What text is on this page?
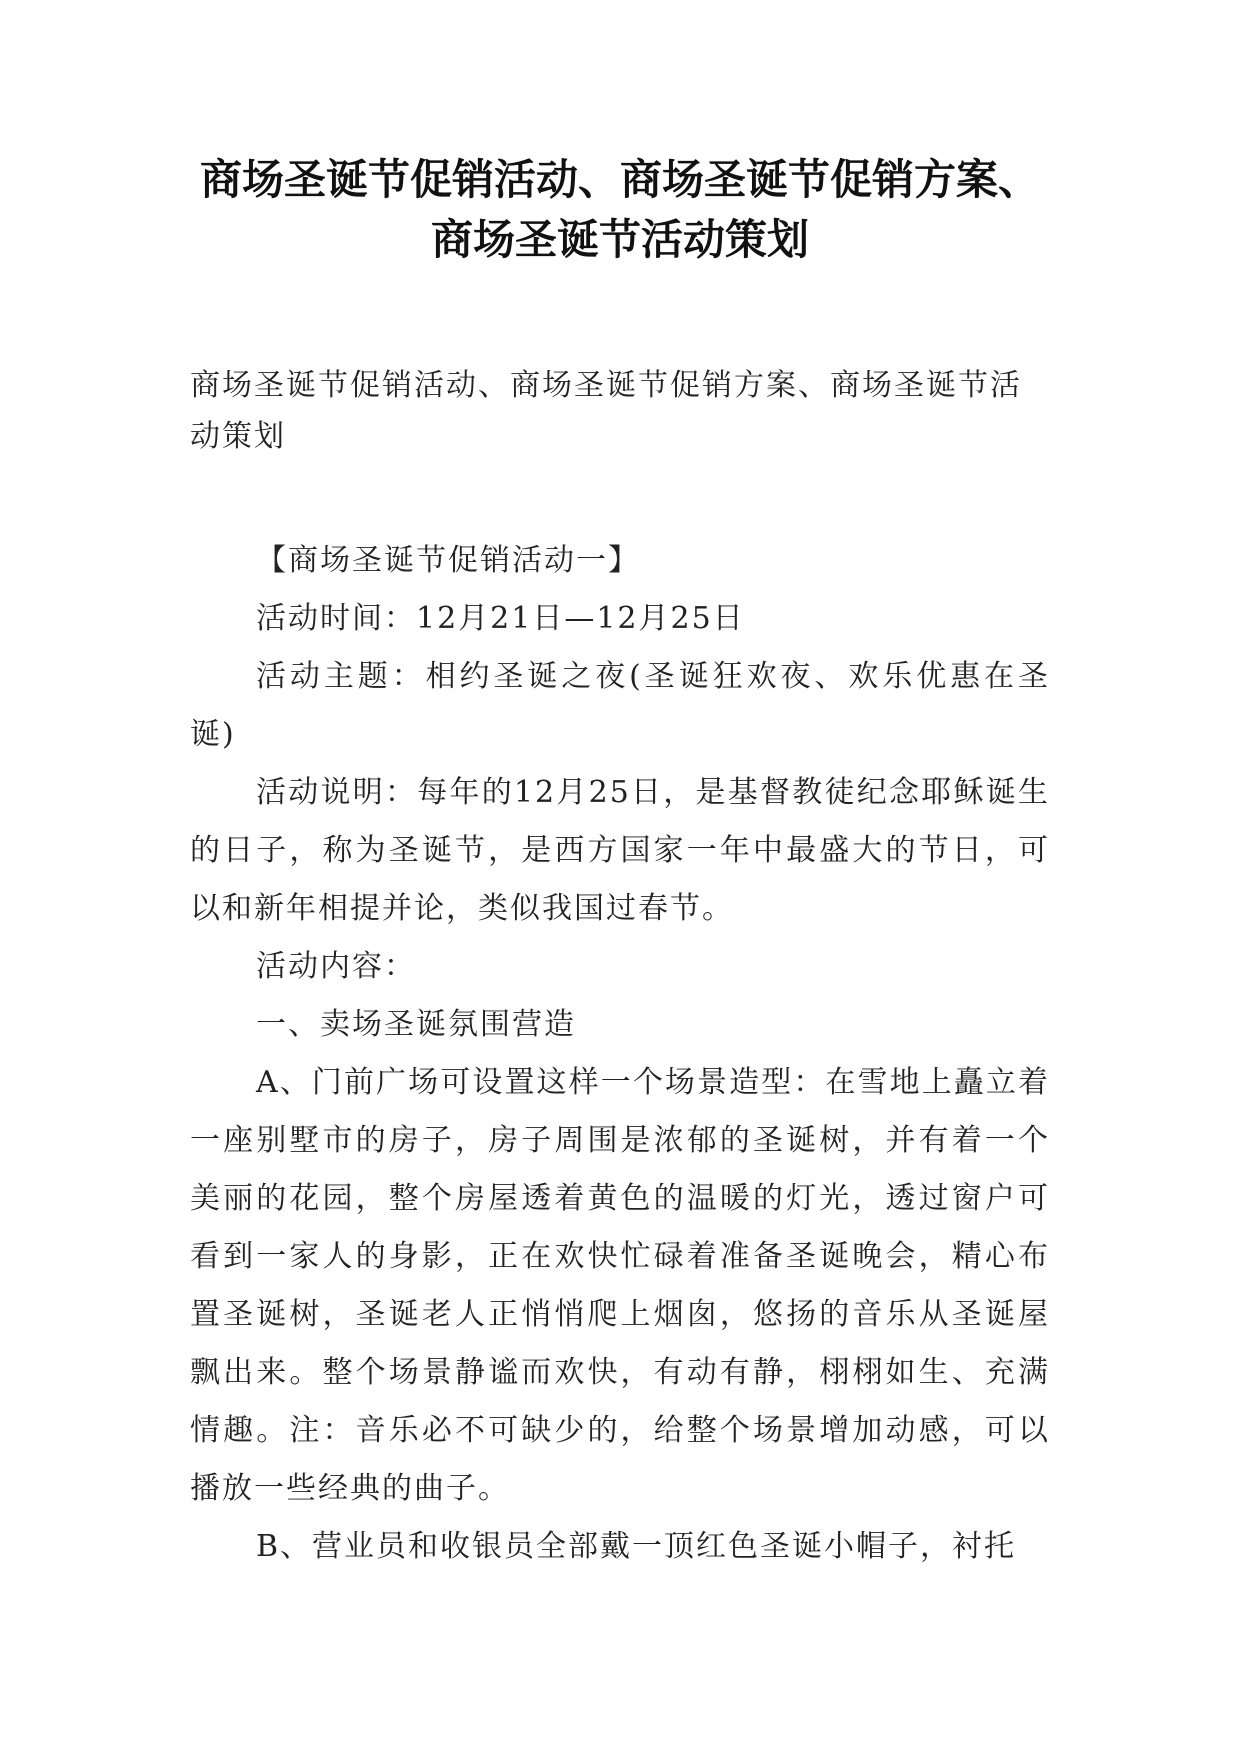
商场圣诞节促销活动、商场圣诞节促销方案、
商场圣诞节活动策划
商场圣诞节促销活动、商场圣诞节促销方案、商场圣诞节活动策划

【商场圣诞节促销活动一】

活动时间：12月21日—12月25日

活动主题：相约圣诞之夜(圣诞狂欢夜、欢乐优惠在圣诞)

活动说明：每年的12月25日，是基督教徒纪念耶稣诞生的日子，称为圣诞节，是西方国家一年中最盛大的节日，可以和新年相提并论，类似我国过春节。

活动内容：

一、卖场圣诞氛围营造

A、门前广场可设置这样一个场景造型：在雪地上矗立着一座别墅市的房子，房子周围是浓郁的圣诞树，并有着一个美丽的花园，整个房屋透着黄色的温暖的灯光，透过窗户可看到一家人的身影，正在欢快忙碌着准备圣诞晚会，精心布置圣诞树，圣诞老人正悄悄爬上烟囱，悠扬的音乐从圣诞屋飘出来。整个场景静谧而欢快，有动有静，栩栩如生、充满情趣。注：音乐必不可缺少的，给整个场景增加动感，可以播放一些经典的曲子。

B、营业员和收银员全部戴一顶红色圣诞小帽子，衬托
